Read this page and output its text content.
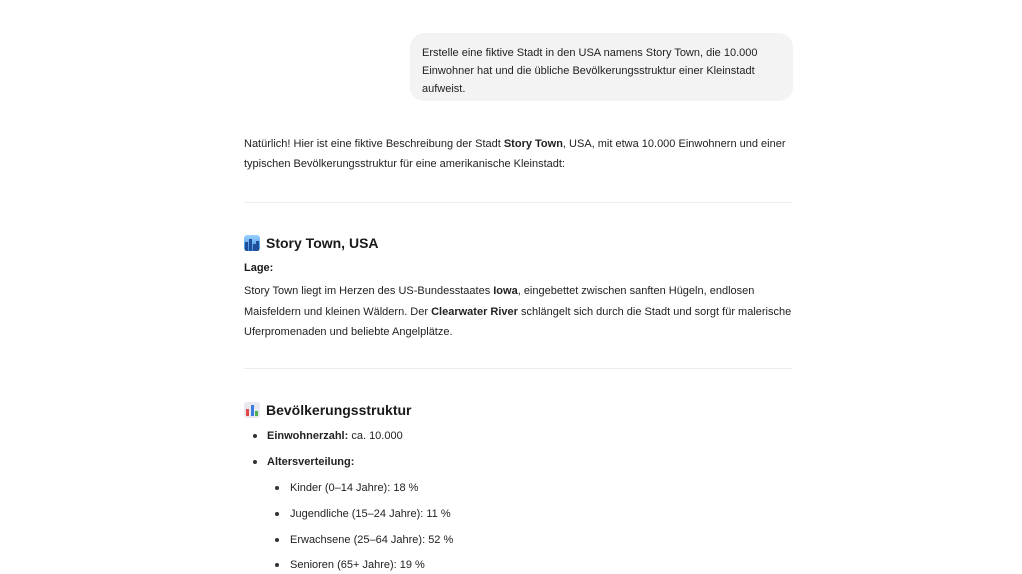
Erstelle eine fiktive Stadt in den USA namens Story Town, die 10.000 Einwohner hat und die übliche Bevölkerungsstruktur einer Kleinstadt aufweist.
Natürlich! Hier ist eine fiktive Beschreibung der Stadt Story Town, USA, mit etwa 10.000 Einwohnern und einer typischen Bevölkerungsstruktur für eine amerikanische Kleinstadt:
Story Town, USA
Lage:
Story Town liegt im Herzen des US-Bundesstaates Iowa, eingebettet zwischen sanften Hügeln, endlosen Maisfeldern und kleinen Wäldern. Der Clearwater River schlängelt sich durch die Stadt und sorgt für malerische Uferpromenaden und beliebte Angelplätze.
Bevölkerungsstruktur
Einwohnerzahl: ca. 10.000
Altersverteilung:
Kinder (0–14 Jahre): 18 %
Jugendliche (15–24 Jahre): 11 %
Erwachsene (25–64 Jahre): 52 %
Senioren (65+ Jahre): 19 %
